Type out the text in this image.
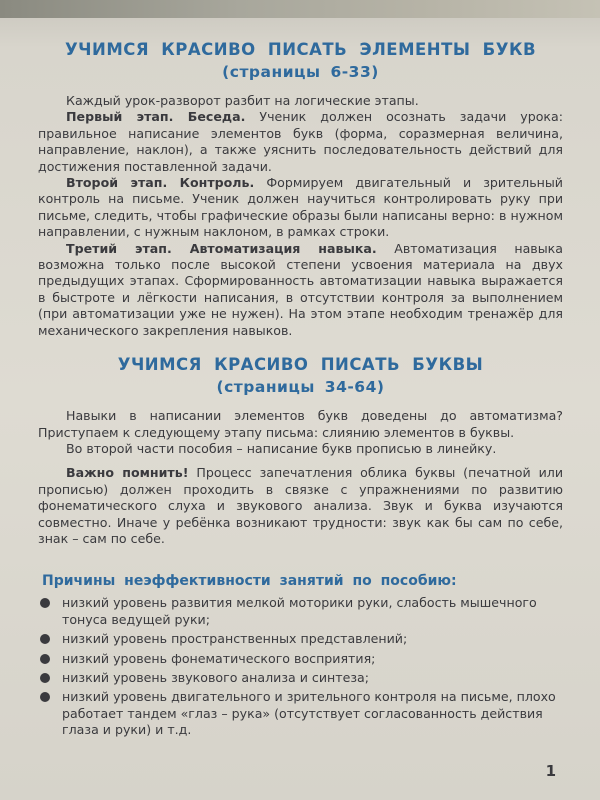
УЧИМСЯ КРАСИВО ПИСАТЬ ЭЛЕМЕНТЫ БУКВ
(страницы 6-33)

Каждый урок-разворот разбит на логические этапы.

Первый этап. Беседа. Ученик должен осознать задачи урока: правильное написание элементов букв (форма, соразмерная величина, направление, наклон), а также уяснить последовательность действий для достижения поставленной задачи.

Второй этап. Контроль. Формируем двигательный и зрительный контроль на письме. Ученик должен научиться контролировать руку при письме, следить, чтобы графические образы были написаны верно: в нужном направлении, с нужным наклоном, в рамках строки.

Третий этап. Автоматизация навыка. Автоматизация навыка возможна только после высокой степени усвоения материала на двух предыдущих этапах. Сформированность автоматизации навыка выражается в быстроте и лёгкости написания, в отсутствии контроля за выполнением (при автоматизации уже не нужен). На этом этапе необходим тренажёр для механического закрепления навыков.

УЧИМСЯ КРАСИВО ПИСАТЬ БУКВЫ
(страницы 34-64)

Навыки в написании элементов букв доведены до автоматизма? Приступаем к следующему этапу письма: слиянию элементов в буквы.

Во второй части пособия – написание букв прописью в линейку.

Важно помнить! Процесс запечатления облика буквы (печатной или прописью) должен проходить в связке с упражнениями по развитию фонематического слуха и звукового анализа. Звук и буква изучаются совместно. Иначе у ребёнка возникают трудности: звук как бы сам по себе, знак – сам по себе.

Причины неэффективности занятий по пособию:
низкий уровень развития мелкой моторики руки, слабость мышечного тонуса ведущей руки;
низкий уровень пространственных представлений;
низкий уровень фонематического восприятия;
низкий уровень звукового анализа и синтеза;
низкий уровень двигательного и зрительного контроля на письме, плохо работает тандем «глаз – рука» (отсутствует согласованность действия глаза и руки) и т.д.
1
